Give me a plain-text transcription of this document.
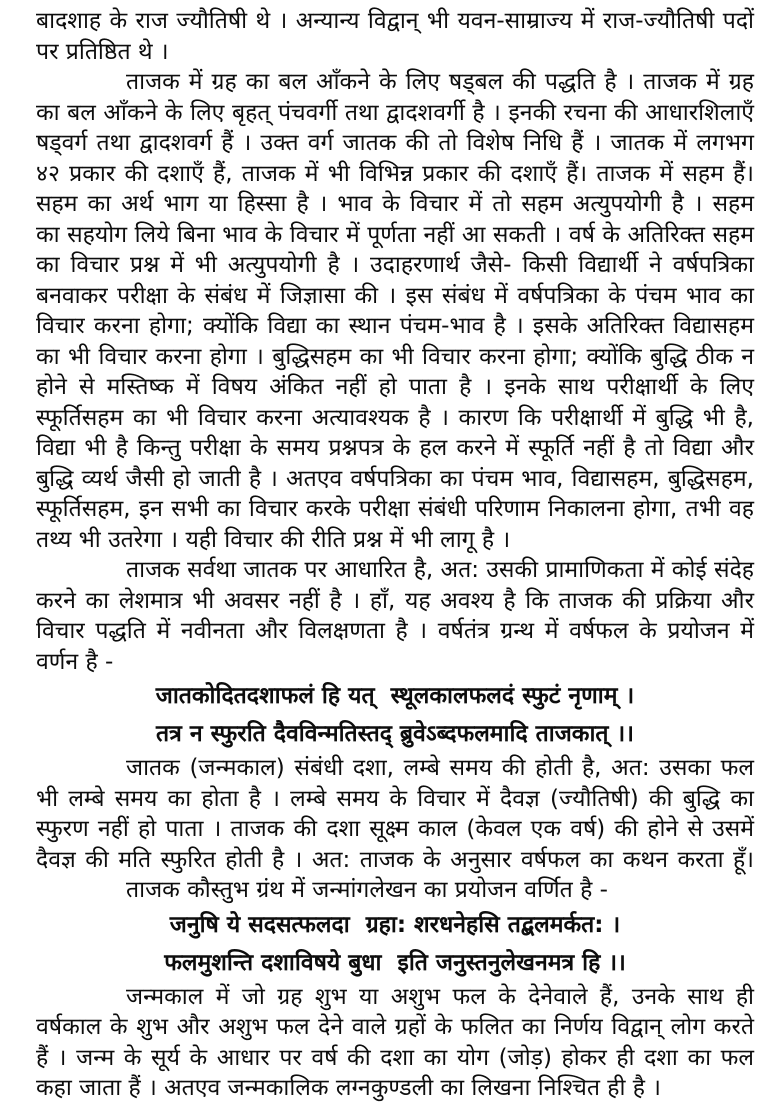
बादशाह के राज ज्यौतिषी थे । अन्यान्य विद्वान् भी यवन-साम्राज्य में राज-ज्यौतिषी पदों
पर प्रतिष्ठित थे ।
ताजक में ग्रह का बल आँकने के लिए षड्बल की पद्धति है । ताजक में ग्रह
का बल आँकने के लिए बृहत् पंचवर्गी तथा द्वादशवर्गी है । इनकी रचना की आधारशिलाएँ
षड्वर्ग तथा द्वादशवर्ग हैं । उक्त वर्ग जातक की तो विशेष निधि हैं । जातक में लगभग
४२ प्रकार की दशाएँ हैं, ताजक में भी विभिन्न प्रकार की दशाएँ हैं। ताजक में सहम हैं।
सहम का अर्थ भाग या हिस्सा है । भाव के विचार में तो सहम अत्युपयोगी है । सहम
का सहयोग लिये बिना भाव के विचार में पूर्णता नहीं आ सकती । वर्ष के अतिरिक्त सहम
का विचार प्रश्न में भी अत्युपयोगी है । उदाहरणार्थ जैसे- किसी विद्यार्थी ने वर्षपत्रिका
बनवाकर परीक्षा के संबंध में जिज्ञासा की । इस संबंध में वर्षपत्रिका के पंचम भाव का
विचार करना होगा; क्योंकि विद्या का स्थान पंचम-भाव है । इसके अतिरिक्त विद्यासहम
का भी विचार करना होगा । बुद्धिसहम का भी विचार करना होगा; क्योंकि बुद्धि ठीक न
होने से मस्तिष्क में विषय अंकित नहीं हो पाता है । इनके साथ परीक्षार्थी के लिए
स्फूर्तिसहम का भी विचार करना अत्यावश्यक है । कारण कि परीक्षार्थी में बुद्धि भी है,
विद्या भी है किन्तु परीक्षा के समय प्रश्नपत्र के हल करने में स्फूर्ति नहीं है तो विद्या और
बुद्धि व्यर्थ जैसी हो जाती है । अतएव वर्षपत्रिका का पंचम भाव, विद्यासहम, बुद्धिसहम,
स्फूर्तिसहम, इन सभी का विचार करके परीक्षा संबंधी परिणाम निकालना होगा, तभी वह
तथ्य भी उतरेगा । यही विचार की रीति प्रश्न में भी लागू है ।
ताजक सर्वथा जातक पर आधारित है, अत: उसकी प्रामाणिकता में कोई संदेह
करने का लेशमात्र भी अवसर नहीं है । हाँ, यह अवश्य है कि ताजक की प्रक्रिया और
विचार पद्धति में नवीनता और विलक्षणता है । वर्षतंत्र ग्रन्थ में वर्षफल के प्रयोजन में
वर्णन है -
जातकोदितदशाफलं हि यत्  स्थूलकालफलदं स्फुटं नृणाम् ।
तत्र न स्फुरति दैवविन्मतिस्तद् ब्रुवेऽब्दफलमादि ताजकात् ।।
जातक (जन्मकाल) संबंधी दशा, लम्बे समय की होती है, अत: उसका फल
भी लम्बे समय का होता है । लम्बे समय के विचार में दैवज्ञ (ज्यौतिषी) की बुद्धि का
स्फुरण नहीं हो पाता । ताजक की दशा सूक्ष्म काल (केवल एक वर्ष) की होने से उसमें
दैवज्ञ की मति स्फुरित होती है । अत: ताजक के अनुसार वर्षफल का कथन करता हूँ।
ताजक कौस्तुभ ग्रंथ में जन्मांगलेखन का प्रयोजन वर्णित है -
जनुषि ये सदसत्फलदा  ग्रहा: शरधनेहसि तद्बलमर्कत: ।
फलमुशन्ति दशाविषये बुधा  इति जनुस्तनुलेखनमत्र हि ।।
जन्मकाल में जो ग्रह शुभ या अशुभ फल के देनेवाले हैं, उनके साथ ही
वर्षकाल के शुभ और अशुभ फल देने वाले ग्रहों के फलित का निर्णय विद्वान् लोग करते
हैं । जन्म के सूर्य के आधार पर वर्ष की दशा का योग (जोड़) होकर ही दशा का फल
कहा जाता हैं । अतएव जन्मकालिक लग्नकुण्डली का लिखना निश्चित ही है ।
